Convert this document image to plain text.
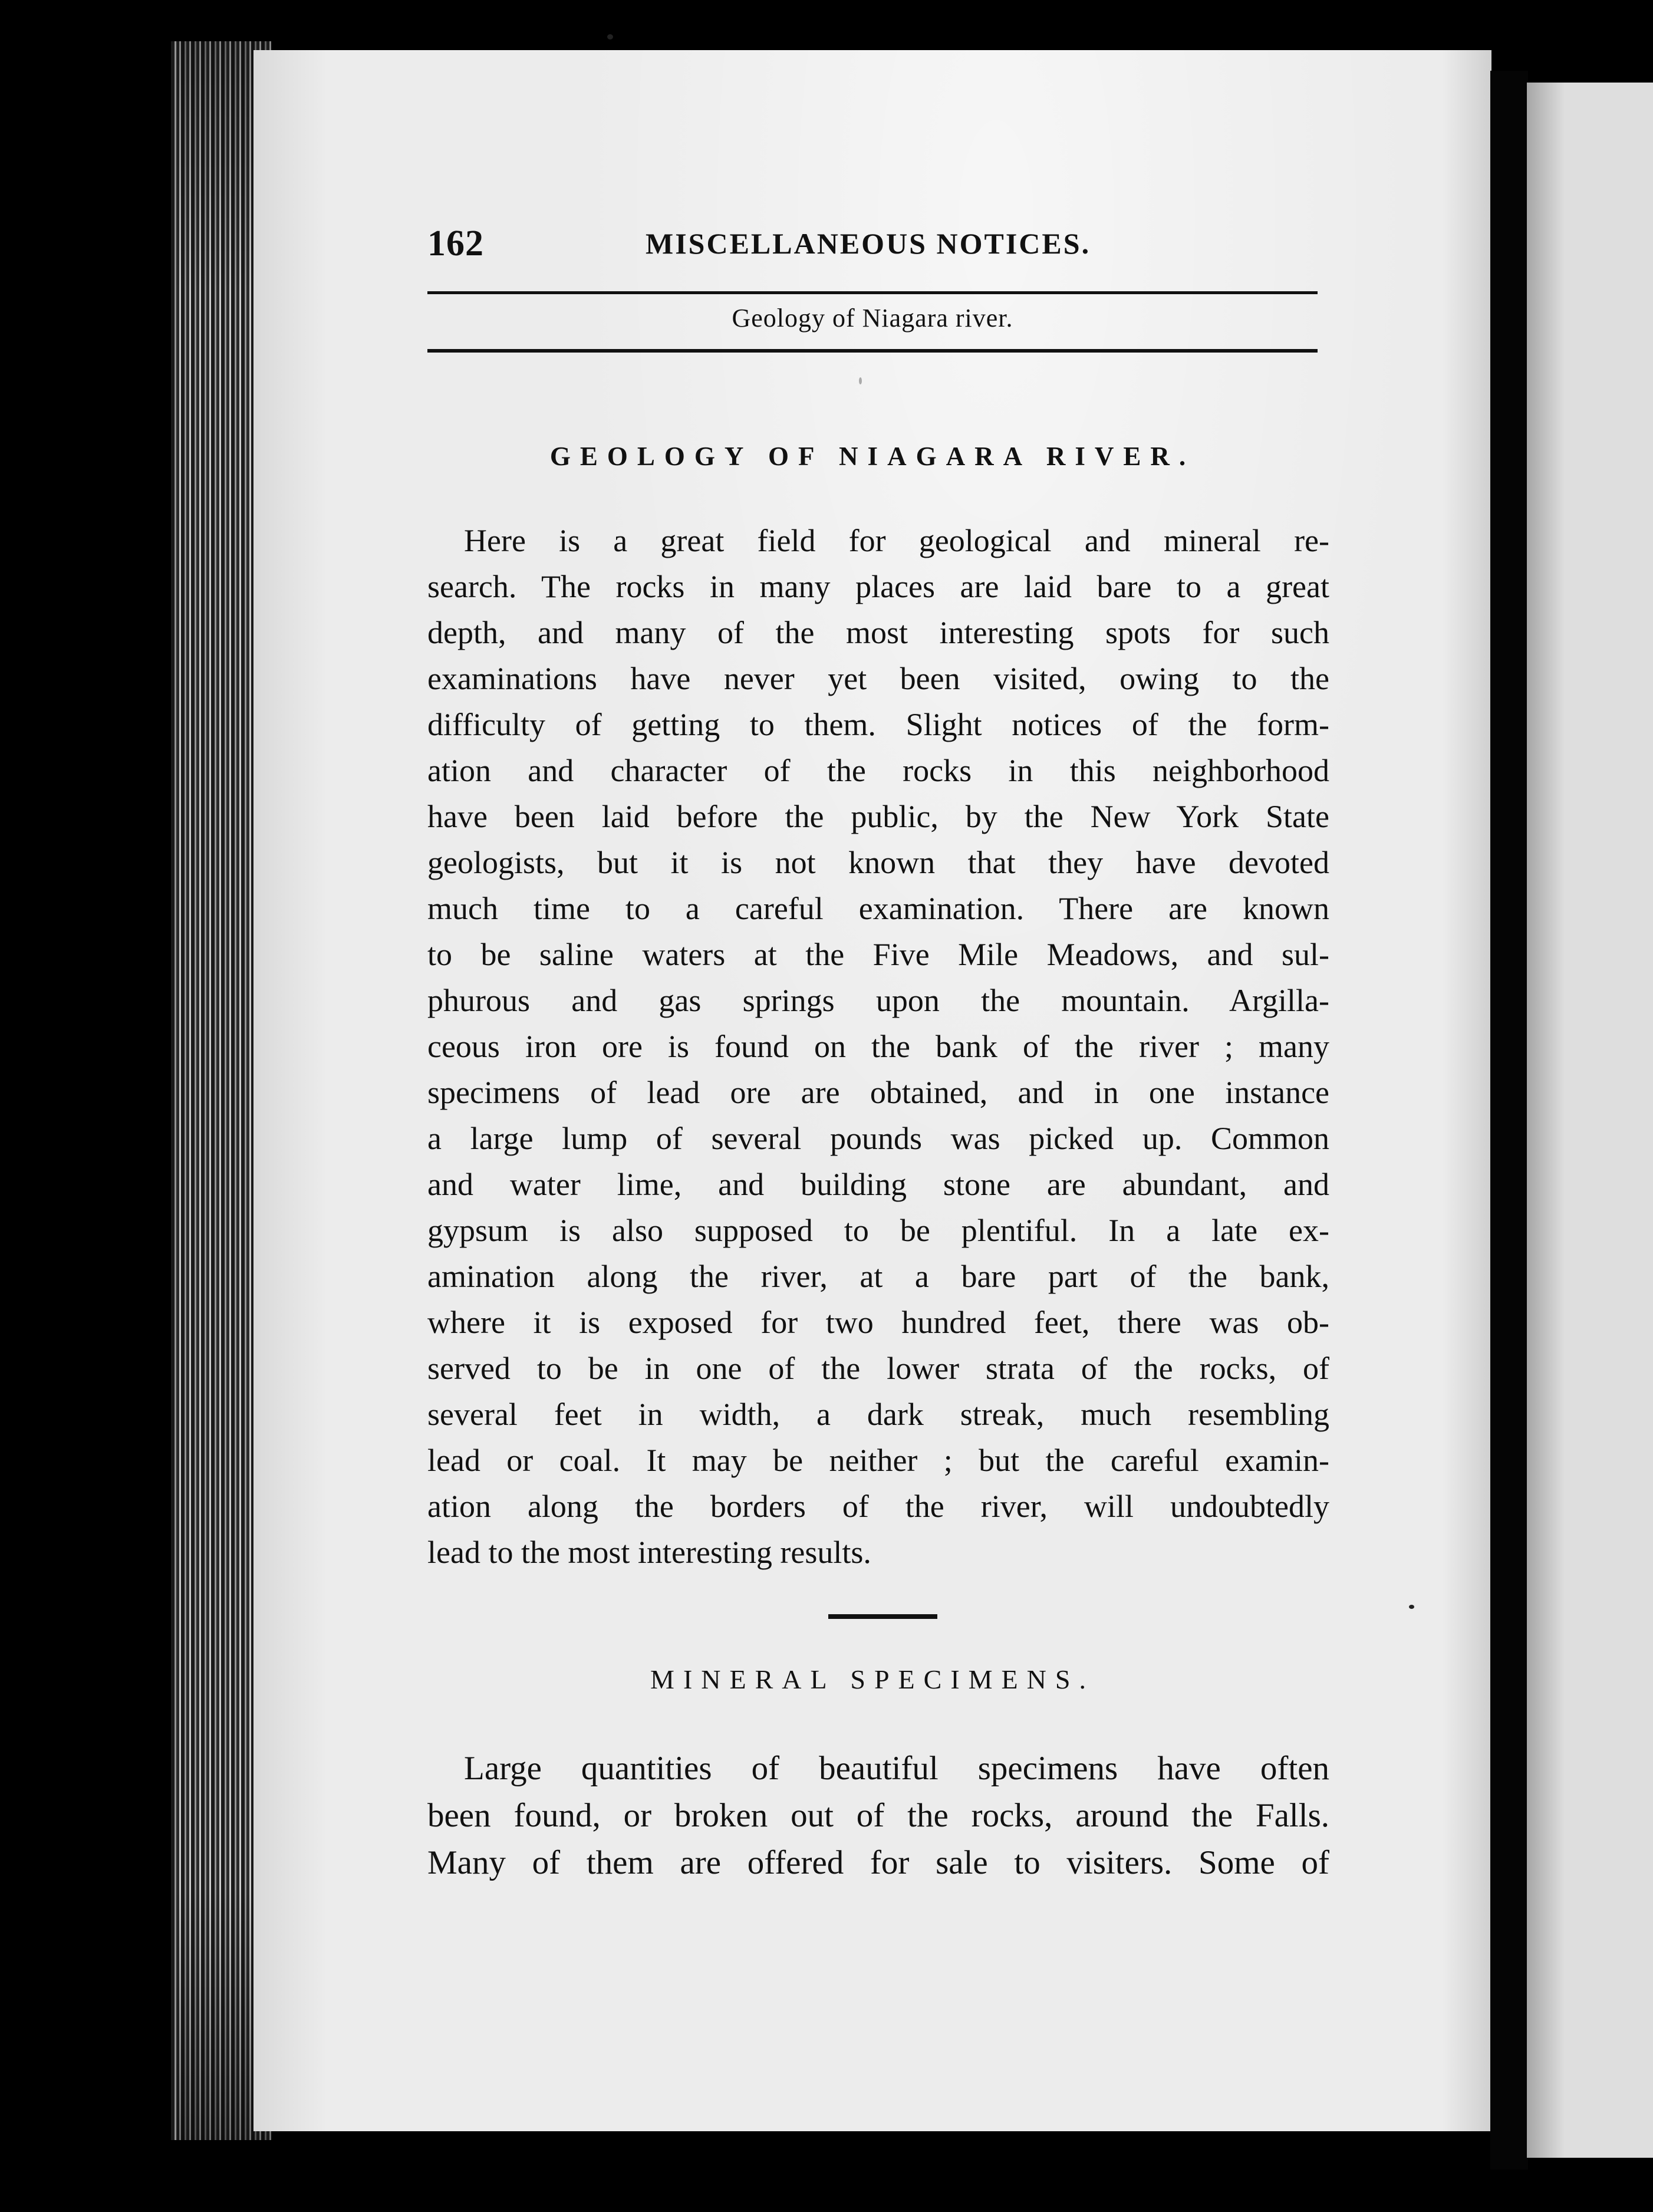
162	MISCELLANEOUS NOTICES.
Geology of Niagara river.
GEOLOGY OF NIAGARA RIVER.
Here is a great field for geological and mineral re-
search. The rocks in many places are laid bare to a great
depth, and many of the most interesting spots for such
examinations have never yet been visited, owing to the
difficulty of getting to them. Slight notices of the form-
ation and character of the rocks in this neighborhood
have been laid before the public, by the New York State
geologists, but it is not known that they have devoted
much time to a careful examination. There are known
to be saline waters at the Five Mile Meadows, and sul-
phurous and gas springs upon the mountain. Argilla-
ceous iron ore is found on the bank of the river ; many
specimens of lead ore are obtained, and in one instance
a large lump of several pounds was picked up. Common
and water lime, and building stone are abundant, and
gypsum is also supposed to be plentiful. In a late ex-
amination along the river, at a bare part of the bank,
where it is exposed for two hundred feet, there was ob-
served to be in one of the lower strata of the rocks, of
several feet in width, a dark streak, much resembling
lead or coal. It may be neither ; but the careful examin-
ation along the borders of the river, will undoubtedly
lead to the most interesting results.
MINERAL SPECIMENS.
Large quantities of beautiful specimens have often
been found, or broken out of the rocks, around the Falls.
Many of them are offered for sale to visiters. Some of
